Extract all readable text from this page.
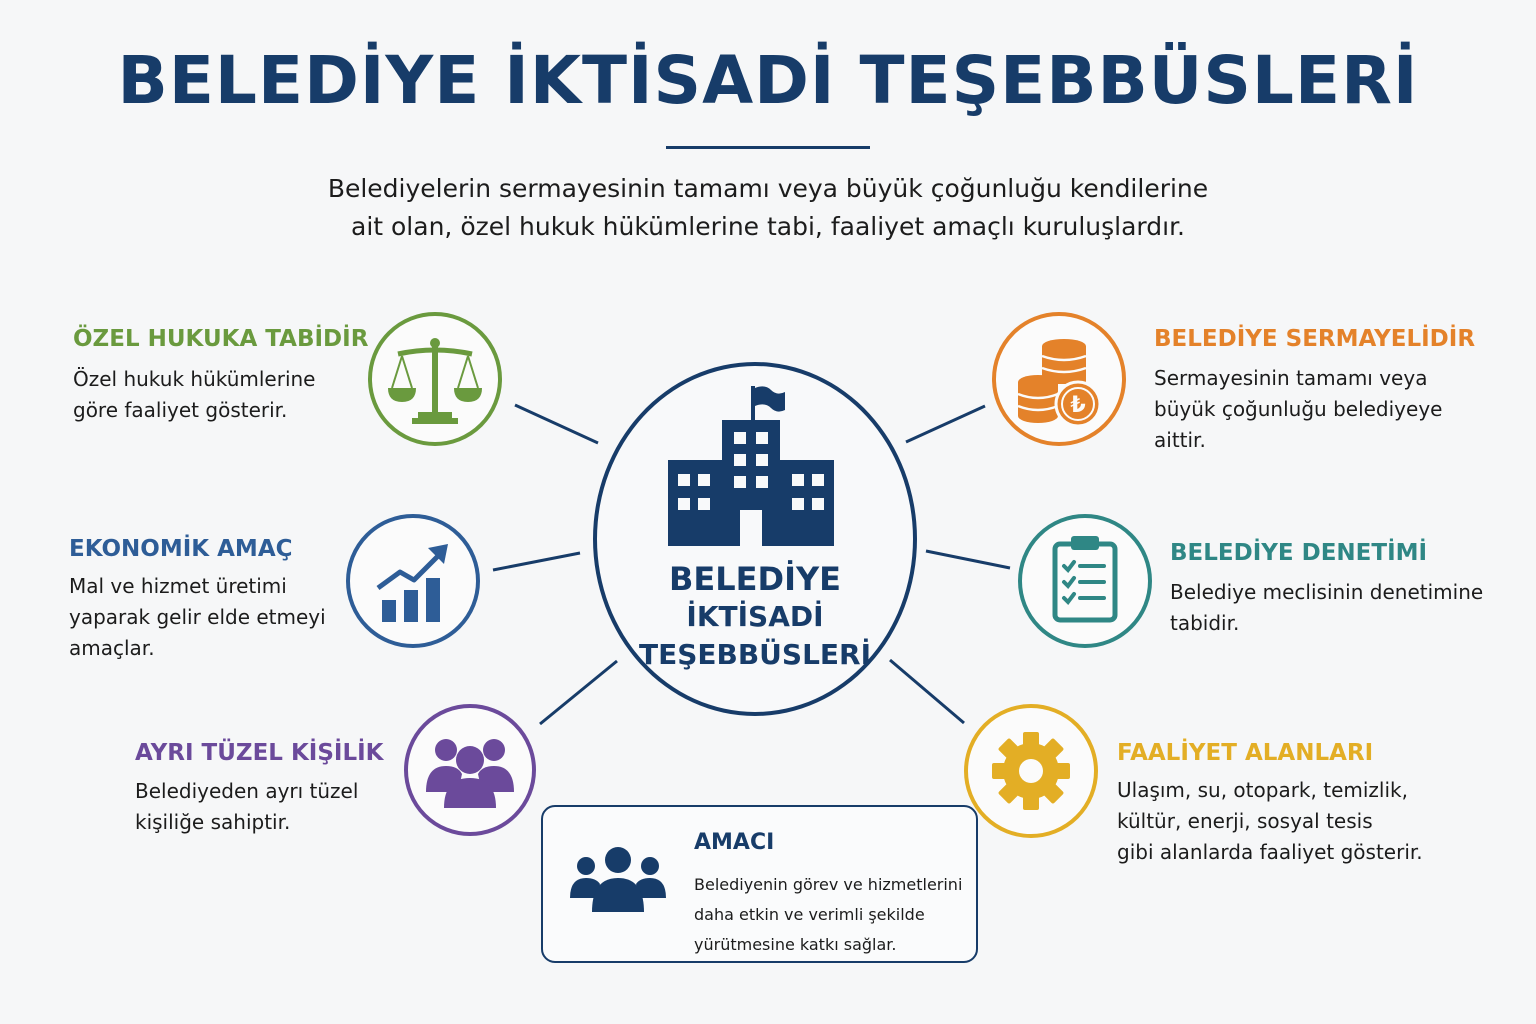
BELEDİYE İKTİSADİ TEŞEBBÜSLERİ

Belediyelerin sermayesinin tamamı veya büyük çoğunluğu kendilerine
ait olan, özel hukuk hükümlerine tabi, faaliyet amaçlı kuruluşlardır.

BELEDİYE
İKTİSADİ
TEŞEBBÜSLERİ
ÖZEL HUKUKA TABİDİR
Özel hukuk hükümlerine
göre faaliyet gösterir.
EKONOMİK AMAÇ
Mal ve hizmet üretimi
yaparak gelir elde etmeyi
amaçlar.
AYRI TÜZEL KİŞİLİK
Belediyeden ayrı tüzel
kişiliğe sahiptir.
₺
BELEDİYE SERMAYELİDİR
Sermayesinin tamamı veya
büyük çoğunluğu belediyeye
aittir.
BELEDİYE DENETİMİ
Belediye meclisinin denetimine
tabidir.
FAALİYET ALANLARI
Ulaşım, su, otopark, temizlik,
kültür, enerji, sosyal tesis
gibi alanlarda faaliyet gösterir.
AMACI
Belediyenin görev ve hizmetlerini
daha etkin ve verimli şekilde
yürütmesine katkı sağlar.
